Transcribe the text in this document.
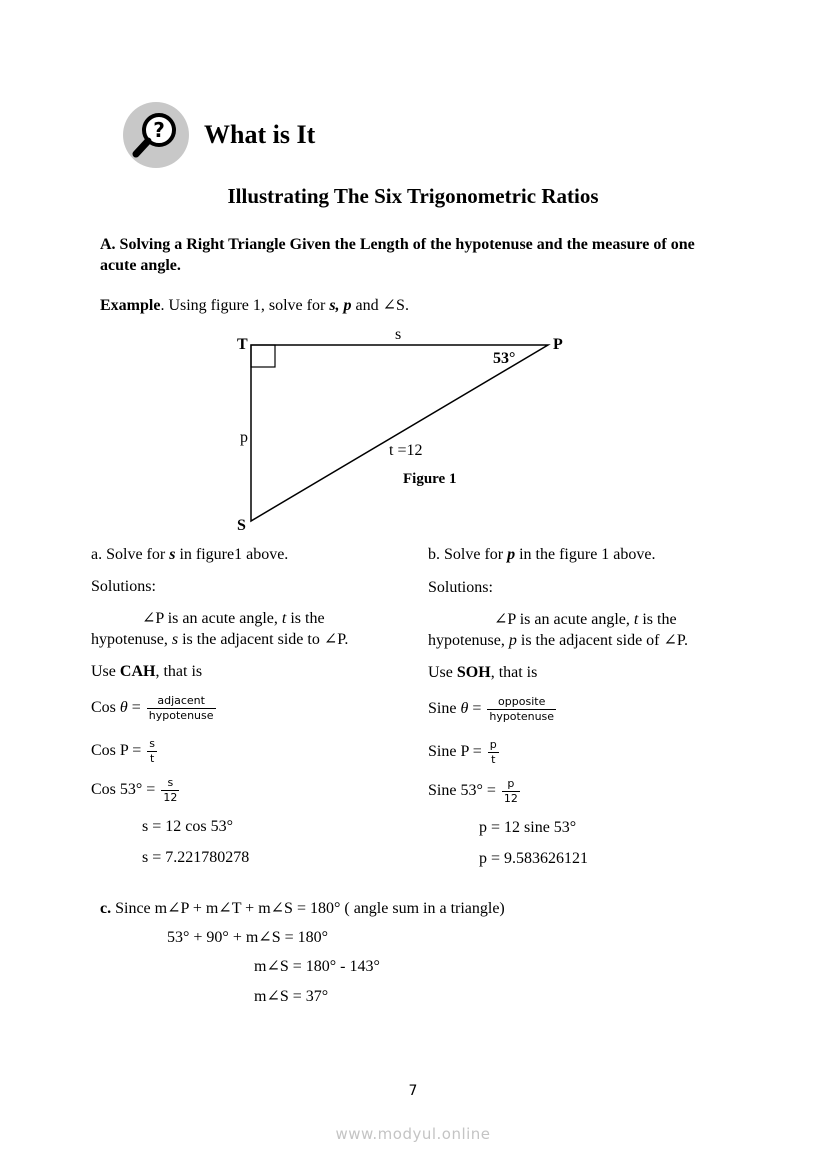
? What is It
Illustrating The Six Trigonometric Ratios
A. Solving a Right Triangle Given the Length of the hypotenuse and the measure of one
acute angle.
Example. Using figure 1, solve for s, p and ∠S.
T	P
S
s
p
53°
t =12
Figure 1
a. Solve for s in figure1 above.
Solutions:
∠P is an acute angle, t is the
hypotenuse, s is the adjacent side to ∠P.
Use CAH, that is
Cos $\theta = \frac{\text{adjacent}}{\text{hypotenuse}}$
Cos $P = \frac{s}{t}$
Cos $53^\circ = \frac{s}{12}$
s = 12 cos 53°
s = 7.221780278
b. Solve for p in the figure 1 above.
Solutions:
∠P is an acute angle, t is the
hypotenuse, p is the adjacent side of ∠P.
Use SOH, that is
Sine $\theta = \frac{\text{opposite}}{\text{hypotenuse}}$
Sine $P = \frac{p}{t}$
Sine $53^\circ = \frac{p}{12}$
p = 12 sine 53°
p = 9.583626121
c. Since m∠P + m∠T + m∠S = 180° ( angle sum in a triangle)
53° + 90° + m∠S = 180°
m∠S = 180° - 143°
m∠S = 37°
7
www.modyul.online
